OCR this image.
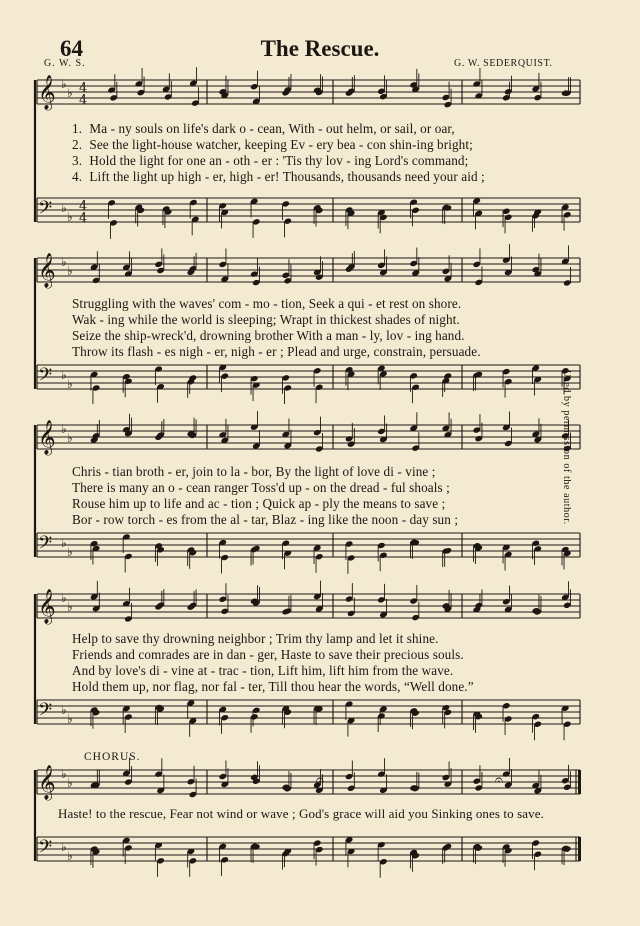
64	The Rescue.
G. W. S.	G. W. SEDERQUIST.
𝄞 ♭
♭ 4
4
𝄢 ♭
♭
4
4
𝄞 ♭
♭
𝄢 ♭
♭
𝄞 ♭
♭
𝄢 ♭
♭
𝄞 ♭
♭
𝄢 ♭
♭
𝄞 ♭
♭
𝄢 ♭
♭
𝄐	𝄐
1. Ma - ny souls on life's dark o - cean, With - out helm, or sail, or oar,
2. See the light-house watcher, keeping Ev - ery bea - con shin-ing bright;
3. Hold the light for one an - oth - er : 'Tis thy lov - ing Lord's command;
4. Lift the light up high - er, high - er! Thousands, thousands need your aid ;
Struggling with the waves' com - mo - tion, Seek a qui - et rest on shore.
Wak - ing while the world is sleeping; Wrapt in thickest shades of night.
Seize the ship-wreck'd, drowning brother With a man - ly, lov - ing hand.
Throw its flash - es nigh - er, nigh - er ; Plead and urge, constrain, persuade.
Chris - tian broth - er, join to la - bor, By the light of love di - vine ;
There is many an o - cean ranger Toss'd up - on the dread - ful shoals ;
Rouse him up to life and ac - tion ; Quick ap - ply the means to save ;
Bor - row torch - es from the al - tar, Blaz - ing like the noon - day sun ;
Help to save thy drowning neighbor ; Trim thy lamp and let it shine.
Friends and comrades are in dan - ger, Haste to save their precious souls.
And by love's di - vine at - trac - tion, Lift him, lift him from the wave.
Hold them up, nor flag, nor fal - ter, Till thou hear the words, “Well done.”
CHORUS.
Haste! to the rescue, Fear not wind or wave ; God's grace will aid you Sinking ones to save.
Used by permission of the author.
